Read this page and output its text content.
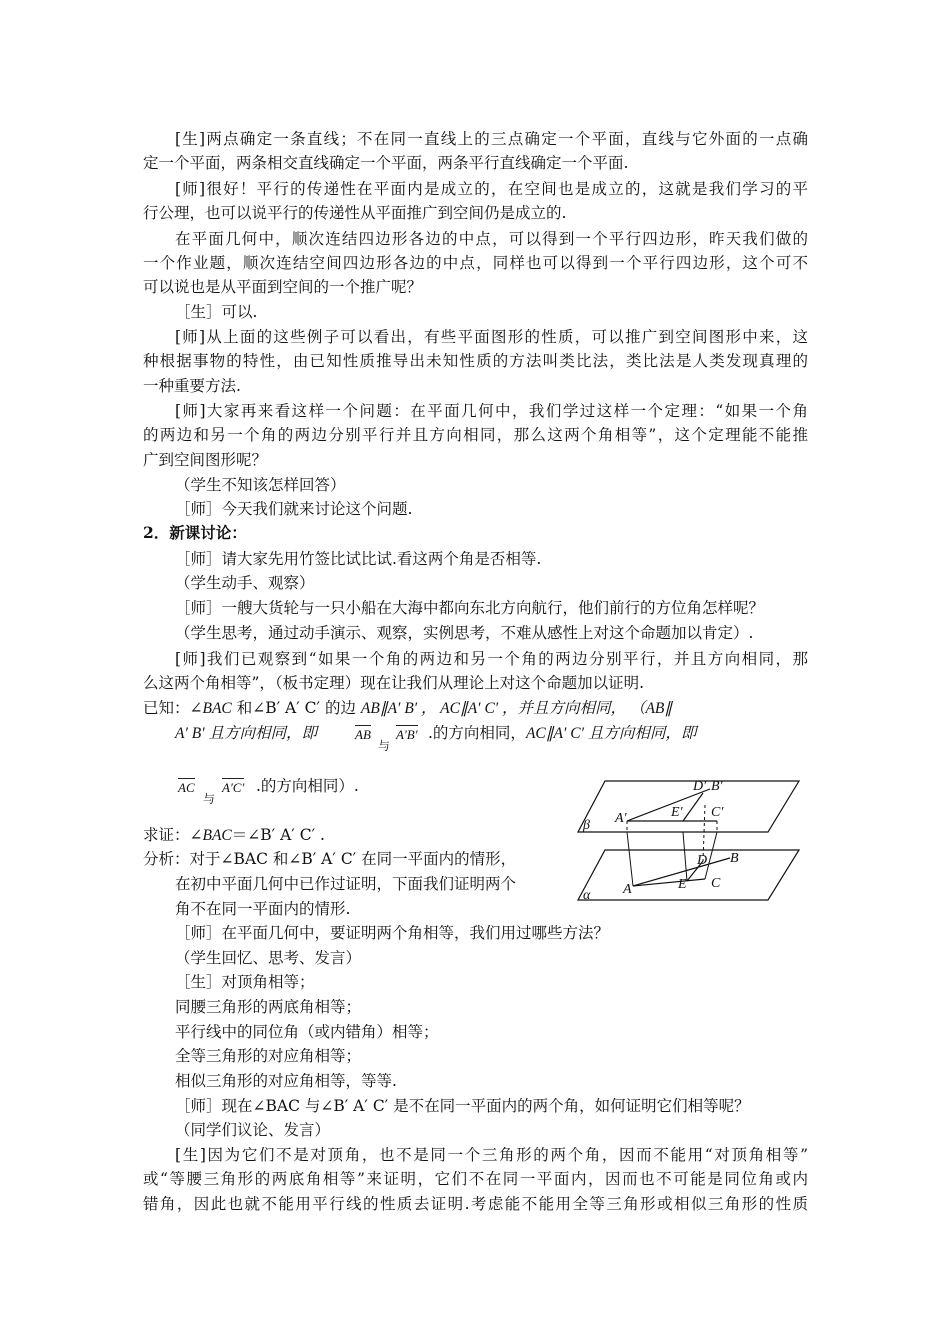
[生]两点确定一条直线；不在同一直线上的三点确定一个平面，直线与它外面的一点确
定一个平面，两条相交直线确定一个平面，两条平行直线确定一个平面.
[师]很好！平行的传递性在平面内是成立的，在空间也是成立的，这就是我们学习的平
行公理，也可以说平行的传递性从平面推广到空间仍是成立的.
在平面几何中，顺次连结四边形各边的中点，可以得到一个平行四边形，昨天我们做的
一个作业题，顺次连结空间四边形各边的中点，同样也可以得到一个平行四边形，这个可不
可以说也是从平面到空间的一个推广呢？
［生］可以.
[师]从上面的这些例子可以看出，有些平面图形的性质，可以推广到空间图形中来，这
种根据事物的特性，由已知性质推导出未知性质的方法叫类比法，类比法是人类发现真理的
一种重要方法.
[师]大家再来看这样一个问题：在平面几何中，我们学过这样一个定理：“如果一个角
的两边和另一个角的两边分别平行并且方向相同，那么这两个角相等”，这个定理能不能推
广到空间图形呢？
（学生不知该怎样回答）
［师］今天我们就来讨论这个问题.
2．新课讨论：
［师］请大家先用竹签比试比试.看这两个角是否相等.
（学生动手、观察）
［师］一艘大货轮与一只小船在大海中都向东北方向航行，他们前行的方位角怎样呢？
（学生思考，通过动手演示、观察，实例思考，不难从感性上对这个命题加以肯定）.
[师]我们已观察到“如果一个角的两边和另一个角的两边分别平行，并且方向相同，那
么这两个角相等”，（板书定理）现在让我们从理论上对这个命题加以证明.
已知：∠BAC 和∠B′ A′ C′ 的边 AB∥A′ B′ ， AC∥A′ C′ ，并且方向相同， （AB∥
A′ B′ 且方向相同，即	AB
与
A′B′ .的方向相同，AC∥A′ C′ 且方向相同，即
AC
与
A′C′ .的方向相同）.
求证：∠BAC＝∠B′ A′ C′ .
分析：对于∠BAC 和∠B′ A′ C′ 在同一平面内的情形，
在初中平面几何中已作过证明，下面我们证明两个
角不在同一平面内的情形.
β
α
D′ B′
A′	E′ C′
D B
A	E C
［师］在平面几何中，要证明两个角相等，我们用过哪些方法？
（学生回忆、思考、发言）
［生］对顶角相等；
同腰三角形的两底角相等；
平行线中的同位角（或内错角）相等；
全等三角形的对应角相等；
相似三角形的对应角相等，等等.
［师］现在∠BAC 与∠B′ A′ C′ 是不在同一平面内的两个角，如何证明它们相等呢？
（同学们议论、发言）
[生]因为它们不是对顶角，也不是同一个三角形的两个角，因而不能用“对顶角相等”
或“等腰三角形的两底角相等”来证明，它们不在同一平面内，因而也不可能是同位角或内
错角，因此也就不能用平行线的性质去证明.考虑能不能用全等三角形或相似三角形的性质
